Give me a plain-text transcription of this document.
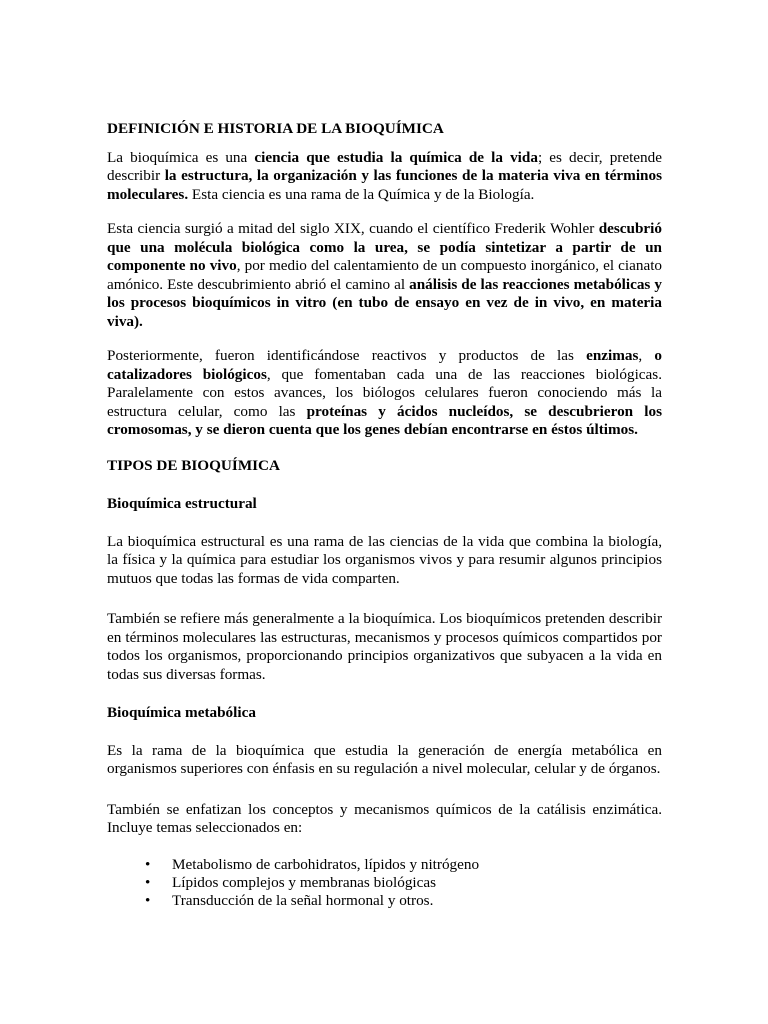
DEFINICIÓN E HISTORIA DE LA BIOQUÍMICA

La bioquímica es una ciencia que estudia la química de la vida; es decir, pretende describir la estructura, la organización y las funciones de la materia viva en términos moleculares. Esta ciencia es una rama de la Química y de la Biología.

Esta ciencia surgió a mitad del siglo XIX, cuando el científico Frederik Wohler descubrió que una molécula biológica como la urea, se podía sintetizar a partir de un componente no vivo, por medio del calentamiento de un compuesto inorgánico, el cianato amónico. Este descubrimiento abrió el camino al análisis de las reacciones metabólicas y los procesos bioquímicos in vitro (en tubo de ensayo en vez de in vivo, en materia viva).

Posteriormente, fueron identificándose reactivos y productos de las enzimas, o catalizadores biológicos, que fomentaban cada una de las reacciones biológicas. Paralelamente con estos avances, los biólogos celulares fueron conociendo más la estructura celular, como las proteínas y ácidos nucleídos, se descubrieron los cromosomas, y se dieron cuenta que los genes debían encontrarse en éstos últimos.

TIPOS DE BIOQUÍMICA
Bioquímica estructural

La bioquímica estructural es una rama de las ciencias de la vida que combina la biología, la física y la química para estudiar los organismos vivos y para resumir algunos principios mutuos que todas las formas de vida comparten.

También se refiere más generalmente a la bioquímica. Los bioquímicos pretenden describir en términos moleculares las estructuras, mecanismos y procesos químicos compartidos por todos los organismos, proporcionando principios organizativos que subyacen a la vida en todas sus diversas formas.

Bioquímica metabólica

Es la rama de la bioquímica que estudia la generación de energía metabólica en organismos superiores con énfasis en su regulación a nivel molecular, celular y de órganos.

También se enfatizan los conceptos y mecanismos químicos de la catálisis enzimática. Incluye temas seleccionados en:

• Metabolismo de carbohidratos, lípidos y nitrógeno
• Lípidos complejos y membranas biológicas
• Transducción de la señal hormonal y otros.
